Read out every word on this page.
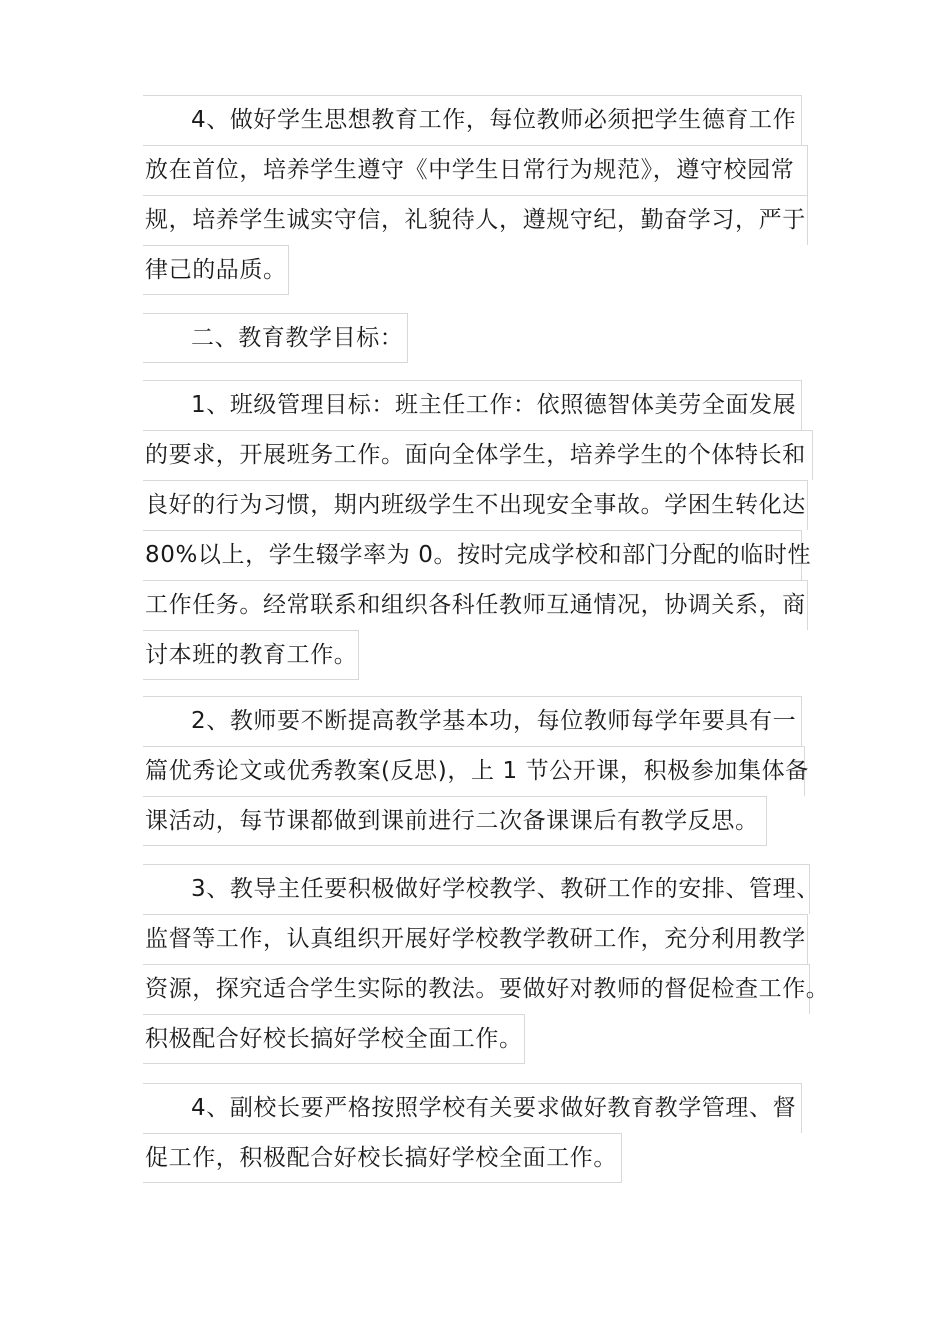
4、做好学生思想教育工作，每位教师必须把学生德育工作
放在首位，培养学生遵守《中学生日常行为规范》，遵守校园常
规，培养学生诚实守信，礼貌待人，遵规守纪，勤奋学习，严于
律己的品质。
二、教育教学目标：
1、班级管理目标：班主任工作：依照德智体美劳全面发展
的要求，开展班务工作。面向全体学生，培养学生的个体特长和
良好的行为习惯，期内班级学生不出现安全事故。学困生转化达
80%以上，学生辍学率为 0。按时完成学校和部门分配的临时性
工作任务。经常联系和组织各科任教师互通情况，协调关系，商
讨本班的教育工作。
2、教师要不断提高教学基本功，每位教师每学年要具有一
篇优秀论文或优秀教案(反思)，上 1 节公开课，积极参加集体备
课活动，每节课都做到课前进行二次备课课后有教学反思。
3、教导主任要积极做好学校教学、教研工作的安排、管理、
监督等工作，认真组织开展好学校教学教研工作，充分利用教学
资源，探究适合学生实际的教法。要做好对教师的督促检查工作。
积极配合好校长搞好学校全面工作。
4、副校长要严格按照学校有关要求做好教育教学管理、督
促工作，积极配合好校长搞好学校全面工作。
